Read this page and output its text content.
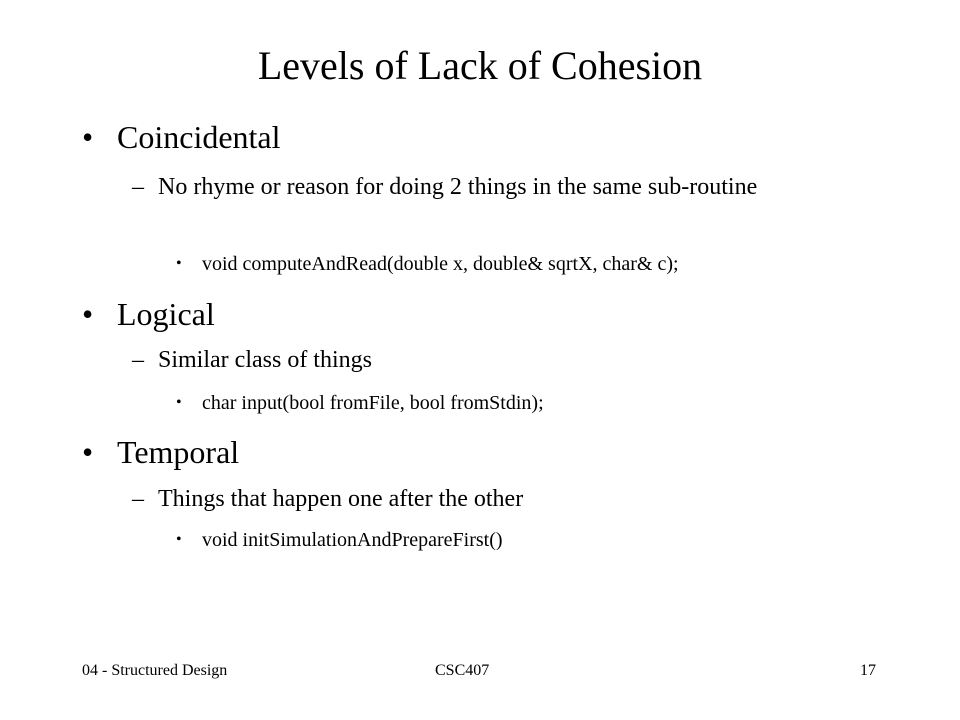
Levels of Lack of Cohesion
• Coincidental
– No rhyme or reason for doing 2 things in the same sub-routine
• void computeAndRead(double x, double& sqrtX, char& c);
• Logical
– Similar class of things
• char input(bool fromFile, bool fromStdin);
• Temporal
– Things that happen one after the other
• void initSimulationAndPrepareFirst()
04 - Structured Design	CSC407	17
